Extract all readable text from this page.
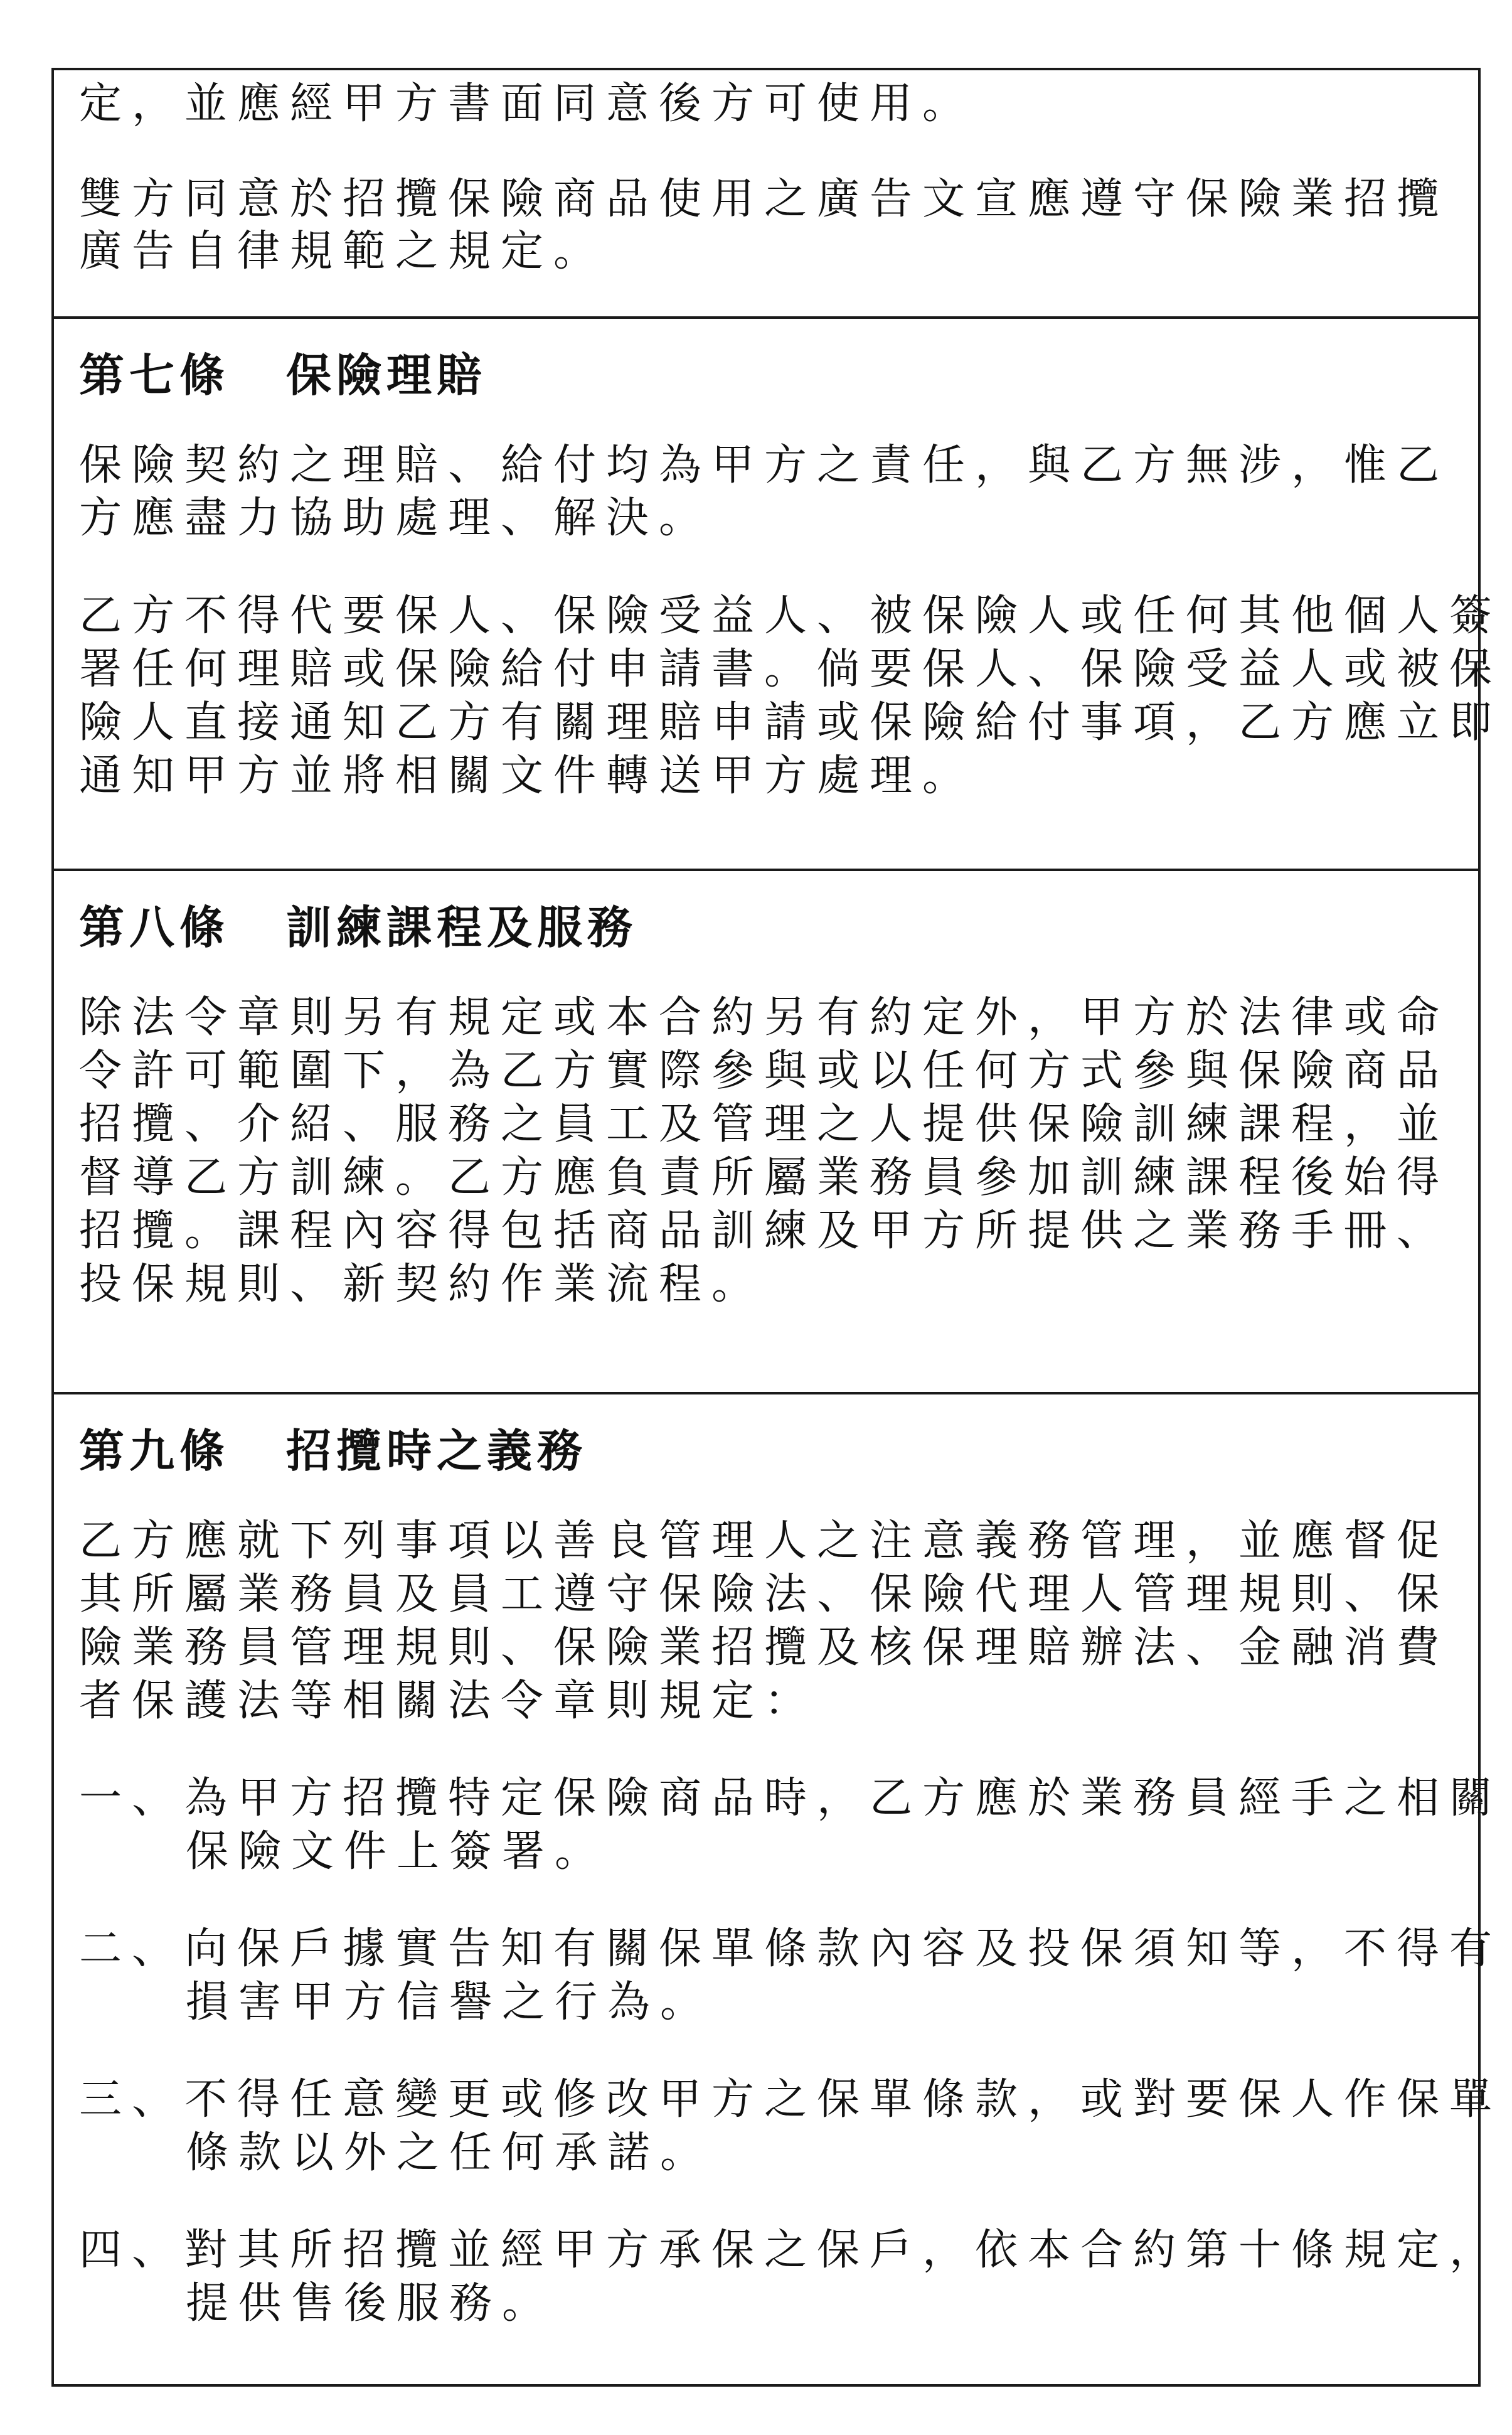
定，並應經甲方書面同意後方可使用。
雙方同意於招攬保險商品使用之廣告文宣應遵守保險業招攬
廣告自律規範之規定。
第七條 保險理賠
保險契約之理賠、給付均為甲方之責任，與乙方無涉，惟乙
方應盡力協助處理、解決。
乙方不得代要保人、保險受益人、被保險人或任何其他個人簽
署任何理賠或保險給付申請書。倘要保人、保險受益人或被保
險人直接通知乙方有關理賠申請或保險給付事項，乙方應立即
通知甲方並將相關文件轉送甲方處理。
第八條 訓練課程及服務
除法令章則另有規定或本合約另有約定外，甲方於法律或命
令許可範圍下，為乙方實際參與或以任何方式參與保險商品
招攬、介紹、服務之員工及管理之人提供保險訓練課程，並
督導乙方訓練。乙方應負責所屬業務員參加訓練課程後始得
招攬。課程內容得包括商品訓練及甲方所提供之業務手冊、
投保規則、新契約作業流程。
第九條 招攬時之義務
乙方應就下列事項以善良管理人之注意義務管理，並應督促
其所屬業務員及員工遵守保險法、保險代理人管理規則、保
險業務員管理規則、保險業招攬及核保理賠辦法、金融消費
者保護法等相關法令章則規定：
一、為甲方招攬特定保險商品時，乙方應於業務員經手之相關
保險文件上簽署。
二、向保戶據實告知有關保單條款內容及投保須知等，不得有
損害甲方信譽之行為。
三、不得任意變更或修改甲方之保單條款，或對要保人作保單
條款以外之任何承諾。
四、對其所招攬並經甲方承保之保戶，依本合約第十條規定，
提供售後服務。
